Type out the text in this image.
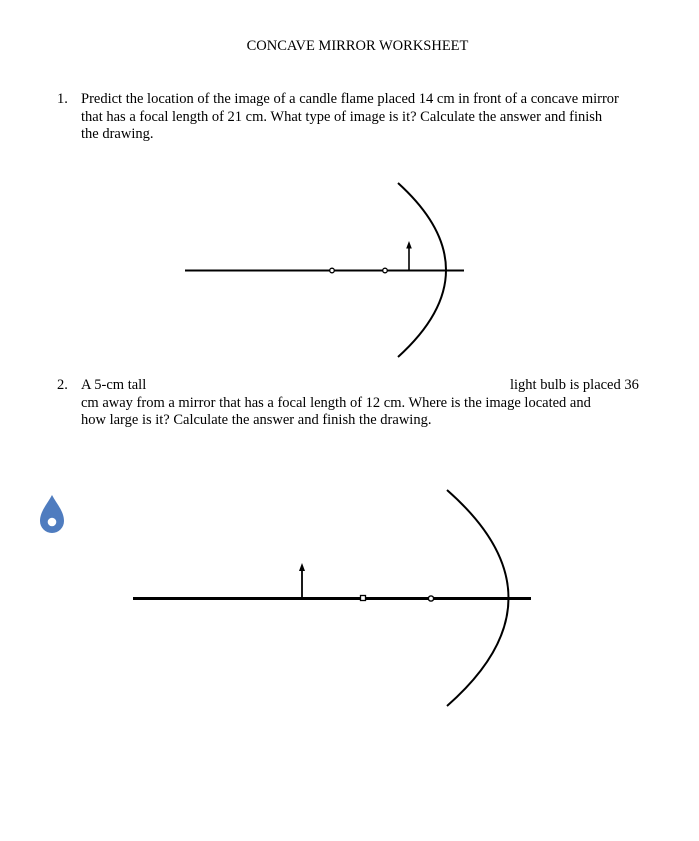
CONCAVE MIRROR WORKSHEET
1. Predict the location of the image of a candle flame placed 14 cm in front of a concave mirror
that has a focal length of 21 cm. What type of image is it? Calculate the answer and finish
the drawing.
2. A 5-cm tall	light bulb is placed 36
cm away from a mirror that has a focal length of 12 cm. Where is the image located and
how large is it? Calculate the answer and finish the drawing.
